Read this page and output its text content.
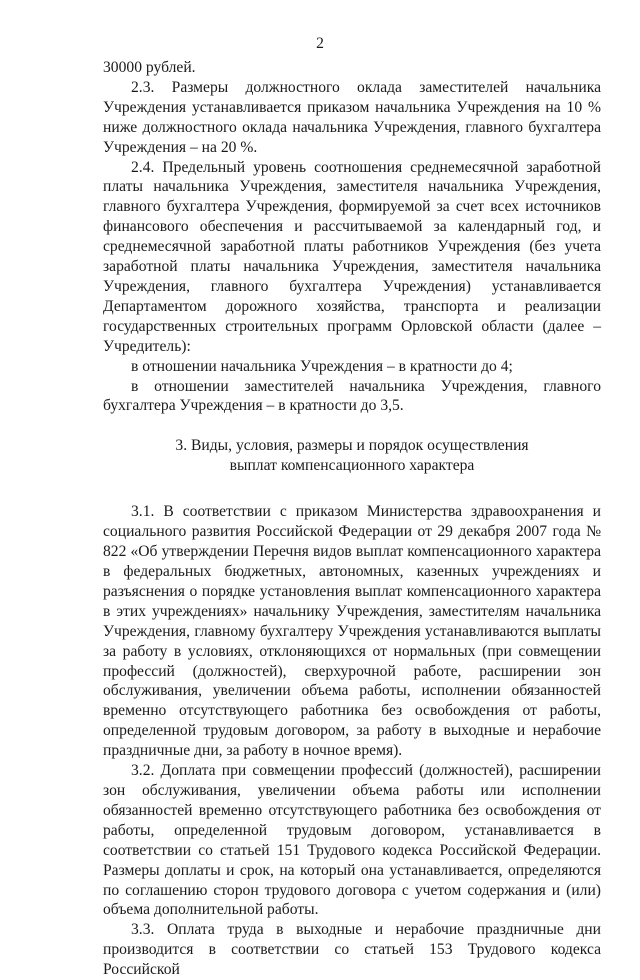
2

30000 рублей.

2.3. Размеры должностного оклада заместителей начальника Учреждения устанавливается приказом начальника Учреждения на 10 % ниже должностного оклада начальника Учреждения, главного бухгалтера Учреждения – на 20 %.

2.4. Предельный уровень соотношения среднемесячной заработной платы начальника Учреждения, заместителя начальника Учреждения, главного бухгалтера Учреждения, формируемой за счет всех источников финансового обеспечения и рассчитываемой за календарный год, и среднемесячной заработной платы работников Учреждения (без учета заработной платы начальника Учреждения, заместителя начальника Учреждения, главного бухгалтера Учреждения) устанавливается Департаментом дорожного хозяйства, транспорта и реализации государственных строительных программ Орловской области (далее – Учредитель):

в отношении начальника Учреждения – в кратности до 4;

в отношении заместителей начальника Учреждения, главного бухгалтера Учреждения – в кратности до 3,5.

3. Виды, условия, размеры и порядок осуществления
выплат компенсационного характера

3.1. В соответствии с приказом Министерства здравоохранения и социального развития Российской Федерации от 29 декабря 2007 года № 822 «Об утверждении Перечня видов выплат компенсационного характера в федеральных бюджетных, автономных, казенных учреждениях и разъяснения о порядке установления выплат компенсационного характера в этих учреждениях» начальнику Учреждения, заместителям начальника Учреждения, главному бухгалтеру Учреждения устанавливаются выплаты за работу в условиях, отклоняющихся от нормальных (при совмещении профессий (должностей), сверхурочной работе, расширении зон обслуживания, увеличении объема работы, исполнении обязанностей временно отсутствующего работника без освобождения от работы, определенной трудовым договором, за работу в выходные и нерабочие праздничные дни, за работу в ночное время).

3.2. Доплата при совмещении профессий (должностей), расширении зон обслуживания, увеличении объема работы или исполнении обязанностей временно отсутствующего работника без освобождения от работы, определенной трудовым договором, устанавливается в соответствии со статьей 151 Трудового кодекса Российской Федерации. Размеры доплаты и срок, на который она устанавливается, определяются по соглашению сторон трудового договора с учетом содержания и (или) объема дополнительной работы.

3.3. Оплата труда в выходные и нерабочие праздничные дни производится в соответствии со статьей 153 Трудового кодекса Российской
